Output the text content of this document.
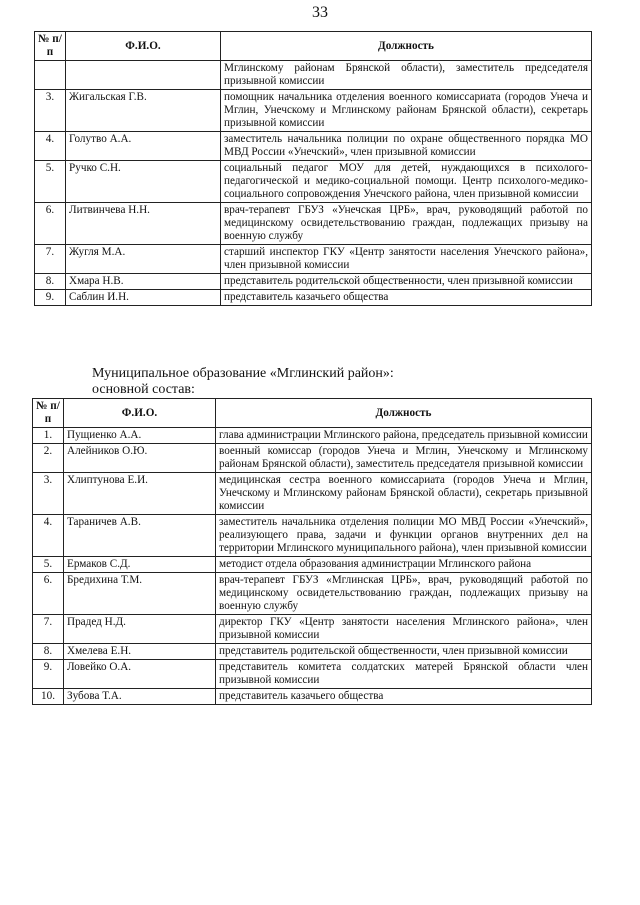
33
№ п/п	Ф.И.О.	Должность
		Мглинскому районам Брянской области), заместитель председателя призывной комиссии
3.	Жигальская Г.В.	помощник начальника отделения военного комиссариата (городов Унеча и Мглин, Унечскому и Мглинскому районам Брянской области), секретарь призывной комиссии
4.	Голутво А.А.	заместитель начальника полиции по охране общественного порядка МО МВД России «Унечский», член призывной комиссии
5.	Ручко С.Н.	социальный педагог МОУ для детей, нуждающихся в психолого-педагогической и медико-социальной помощи. Центр психолого-медико-социального сопровождения Унечского района, член призывной комиссии
6.	Литвинчева Н.Н.	врач-терапевт ГБУЗ «Унечская ЦРБ», врач, руководящий работой по медицинскому освидетельствованию граждан, подлежащих призыву на военную службу
7.	Жугля М.А.	старший инспектор ГКУ «Центр занятости населения Унечского района», член призывной комиссии
8.	Хмара Н.В.	представитель родительской общественности, член призывной комиссии
9.	Саблин И.Н.	представитель казачьего общества
Муниципальное образование «Мглинский район»:
основной состав:
№ п/п	Ф.И.О.	Должность
1.	Пущиенко А.А.	глава администрации Мглинского района, председатель призывной комиссии
2.	Алейников О.Ю.	военный комиссар (городов Унеча и Мглин, Унечскому и Мглинскому районам Брянской области), заместитель председателя призывной комиссии
3.	Хлиптунова Е.И.	медицинская сестра военного комиссариата (городов Унеча и Мглин, Унечскому и Мглинскому районам Брянской области), секретарь призывной комиссии
4.	Тараничев А.В.	заместитель начальника отделения полиции МО МВД России «Унечский», реализующего права, задачи и функции органов внутренних дел на территории Мглинского муниципального района), член призывной комиссии
5.	Ермаков С.Д.	методист отдела образования администрации Мглинского района
6.	Бредихина Т.М.	врач-терапевт ГБУЗ «Мглинская ЦРБ», врач, руководящий работой по медицинскому освидетельствованию граждан, подлежащих призыву на военную службу
7.	Прадед Н.Д.	директор ГКУ «Центр занятости населения Мглинского района», член призывной комиссии
8.	Хмелева Е.Н.	представитель родительской общественности, член призывной комиссии
9.	Ловейко О.А.	представитель комитета солдатских матерей Брянской области член призывной комиссии
10.	Зубова Т.А.	представитель казачьего общества
